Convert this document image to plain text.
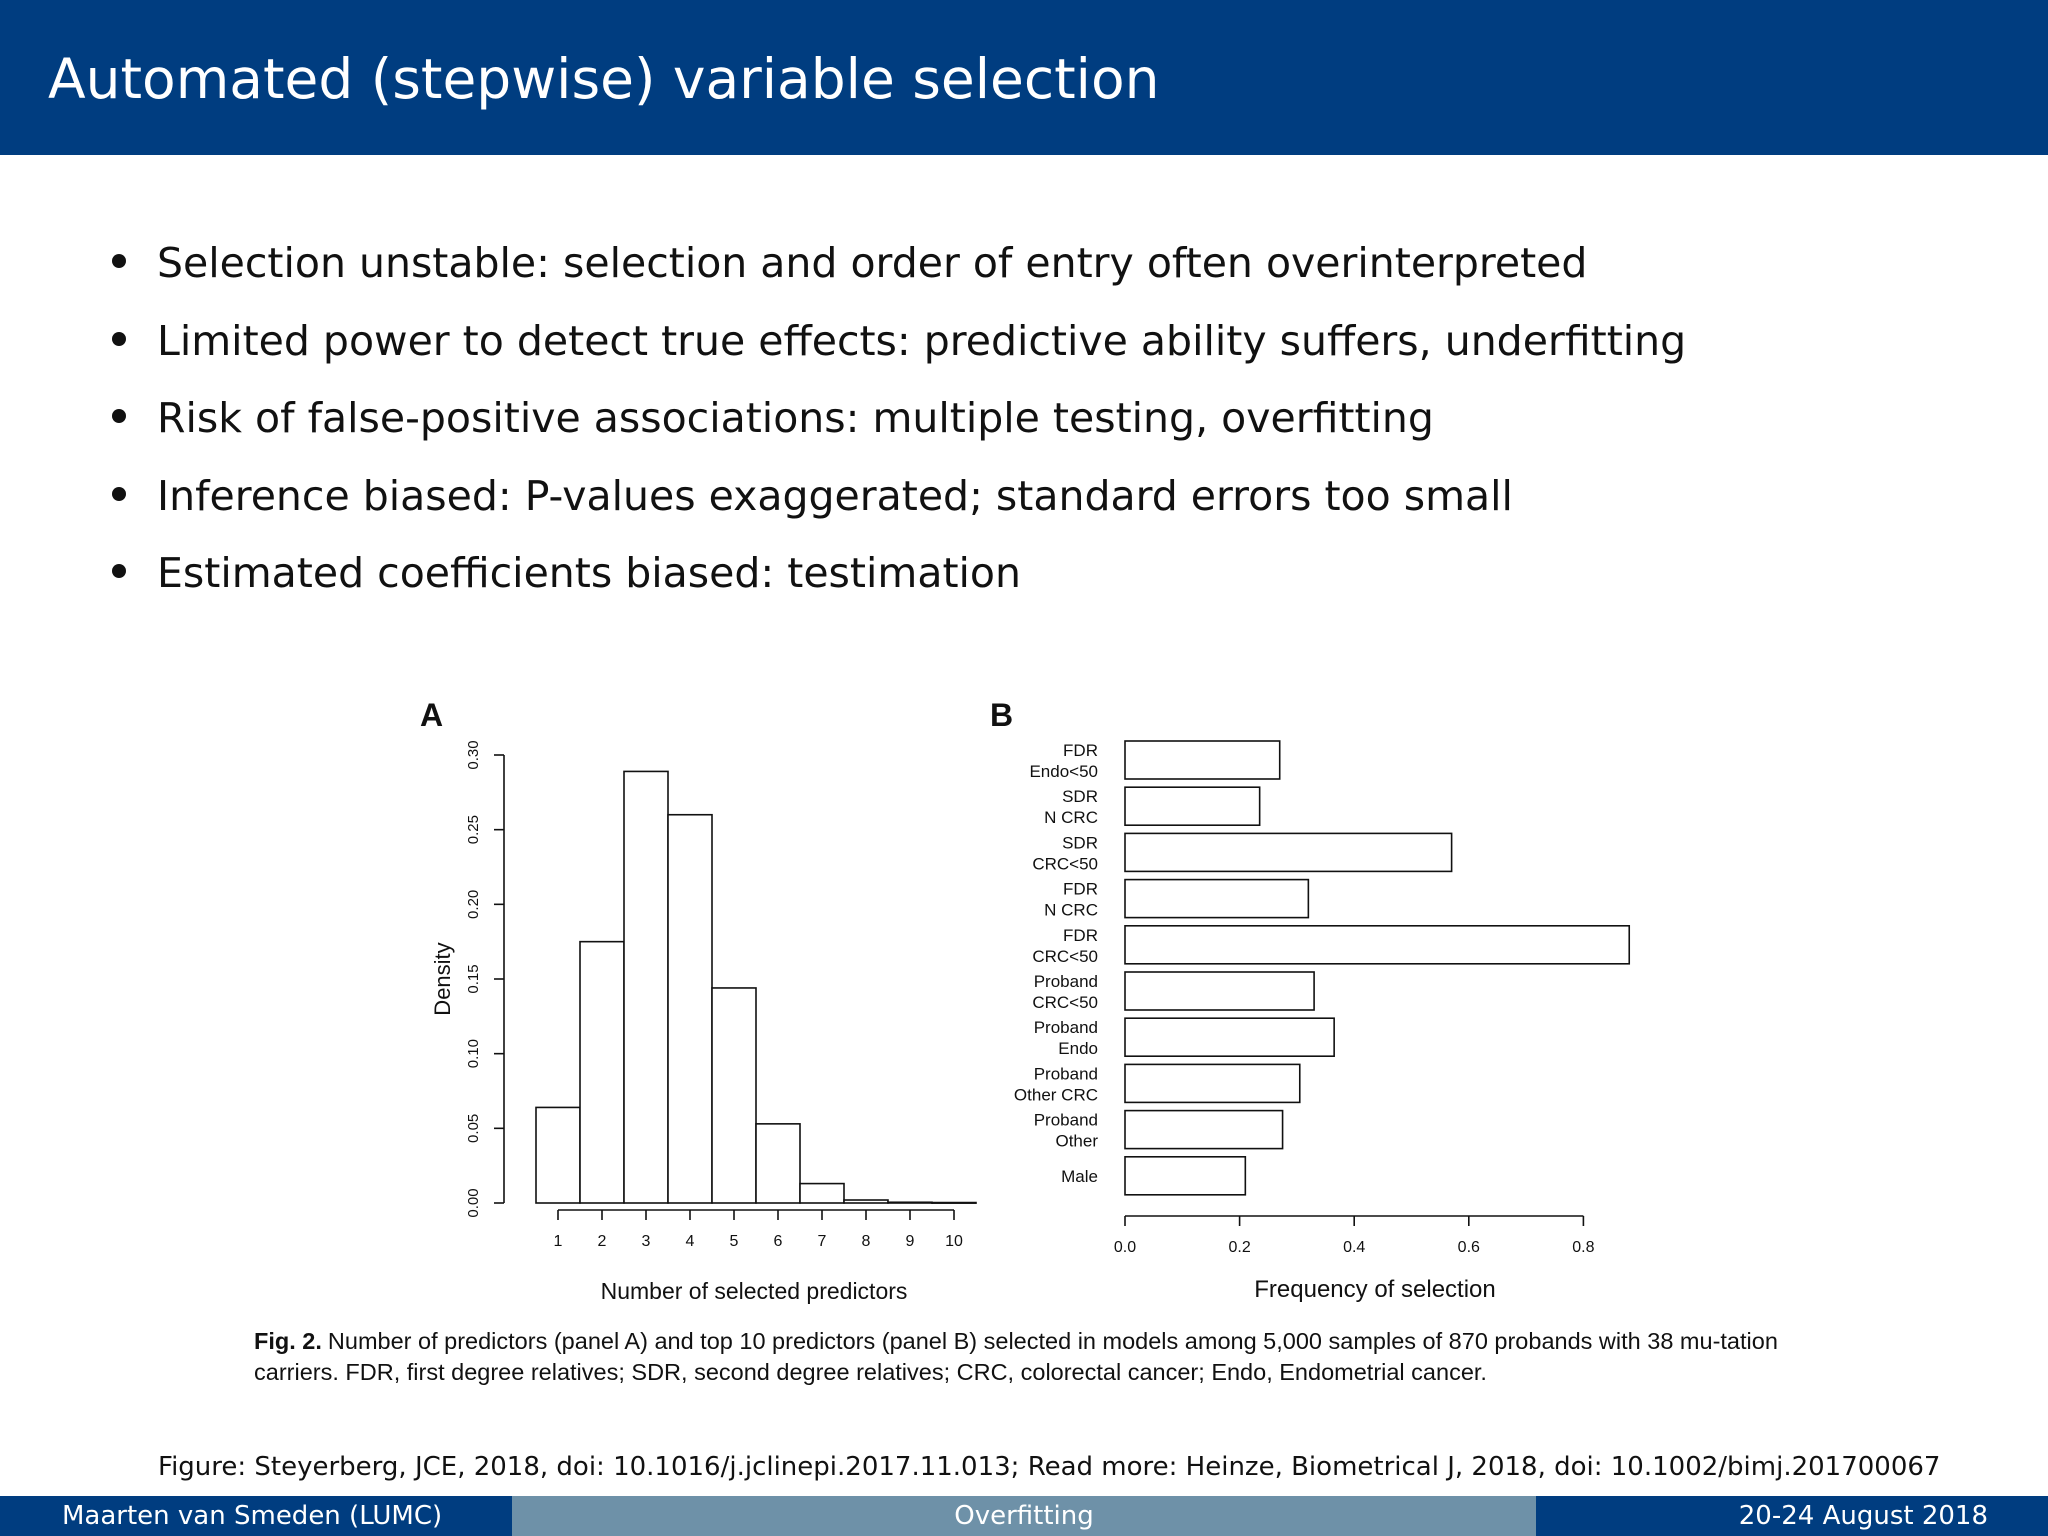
Automated (stepwise) variable selection
Selection unstable: selection and order of entry often overinterpreted
Limited power to detect true effects: predictive ability suffers, underfitting
Risk of false-positive associations: multiple testing, overfitting
Inference biased: P-values exaggerated; standard errors too small
Estimated coefficients biased: testimation
A
0.00
0.05
0.10
0.15
0.20
0.25
0.30
Density
1 2 3 4 5 6 7 8 9 10
Number of selected predictors
B
FDR
Endo<50
SDR
N CRC
SDR
CRC<50
FDR
N CRC
FDR
CRC<50
Proband
CRC<50
Proband
Endo
Proband
Other CRC
Proband
Other
Male
0.0	0.2	0.4	0.6	0.8
Frequency of selection
Fig. 2. Number of predictors (panel A) and top 10 predictors (panel B) selected in models among 5,000 samples of 870 probands with 38 mu-tation carriers. FDR, first degree relatives; SDR, second degree relatives; CRC, colorectal cancer; Endo, Endometrial cancer.
Figure: Steyerberg, JCE, 2018, doi: 10.1016/j.jclinepi.2017.11.013; Read more: Heinze, Biometrical J, 2018, doi: 10.1002/bimj.201700067
Maarten van Smeden (LUMC)	Overfitting	20-24 August 2018
